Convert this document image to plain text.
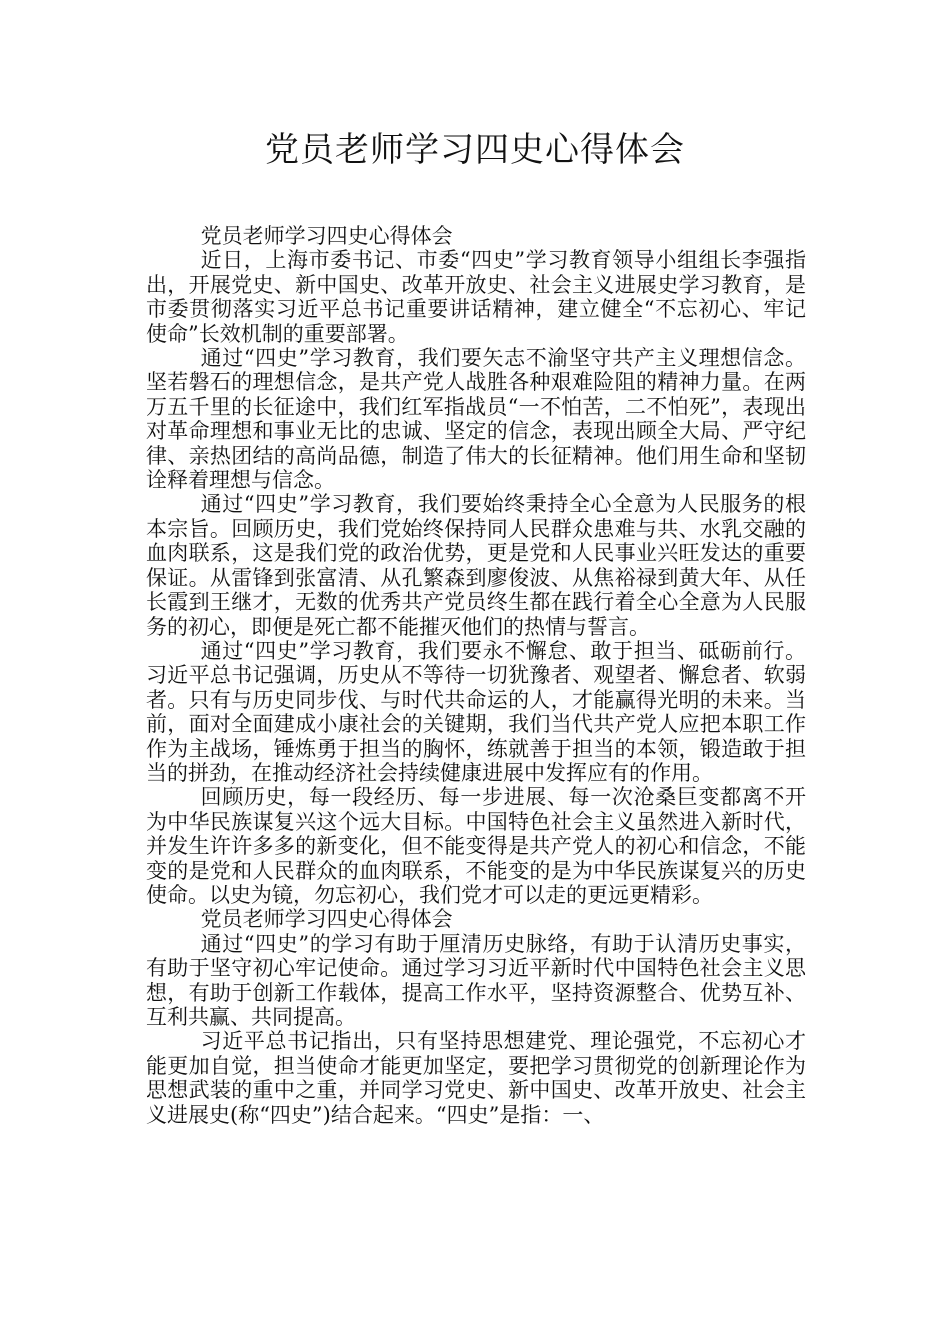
党员老师学习四史心得体会

党员老师学习四史心得体会

近日，上海市委书记、市委“四史”学习教育领导小组组长李强指出，开展党史、新中国史、改革开放史、社会主义进展史学习教育，是市委贯彻落实习近平总书记重要讲话精神，建立健全“不忘初心、牢记使命”长效机制的重要部署。

通过“四史”学习教育，我们要矢志不渝坚守共产主义理想信念。坚若磐石的理想信念，是共产党人战胜各种艰难险阻的精神力量。在两万五千里的长征途中，我们红军指战员“一不怕苦，二不怕死”，表现出对革命理想和事业无比的忠诚、坚定的信念，表现出顾全大局、严守纪律、亲热团结的高尚品德，制造了伟大的长征精神。他们用生命和坚韧诠释着理想与信念。

通过“四史”学习教育，我们要始终秉持全心全意为人民服务的根本宗旨。回顾历史，我们党始终保持同人民群众患难与共、水乳交融的血肉联系，这是我们党的政治优势，更是党和人民事业兴旺发达的重要保证。从雷锋到张富清、从孔繁森到廖俊波、从焦裕禄到黄大年、从任长霞到王继才，无数的优秀共产党员终生都在践行着全心全意为人民服务的初心，即便是死亡都不能摧灭他们的热情与誓言。

通过“四史”学习教育，我们要永不懈怠、敢于担当、砥砺前行。习近平总书记强调，历史从不等待一切犹豫者、观望者、懈怠者、软弱者。只有与历史同步伐、与时代共命运的人，才能赢得光明的未来。当前，面对全面建成小康社会的关键期，我们当代共产党人应把本职工作作为主战场，锤炼勇于担当的胸怀，练就善于担当的本领，锻造敢于担当的拼劲，在推动经济社会持续健康进展中发挥应有的作用。

回顾历史，每一段经历、每一步进展、每一次沧桑巨变都离不开为中华民族谋复兴这个远大目标。中国特色社会主义虽然进入新时代，并发生许许多多的新变化，但不能变得是共产党人的初心和信念，不能变的是党和人民群众的血肉联系，不能变的是为中华民族谋复兴的历史使命。以史为镜，勿忘初心，我们党才可以走的更远更精彩。

党员老师学习四史心得体会

通过“四史”的学习有助于厘清历史脉络，有助于认清历史事实，有助于坚守初心牢记使命。通过学习习近平新时代中国特色社会主义思想，有助于创新工作载体，提高工作水平，坚持资源整合、优势互补、互利共赢、共同提高。

习近平总书记指出，只有坚持思想建党、理论强党，不忘初心才能更加自觉，担当使命才能更加坚定，要把学习贯彻党的创新理论作为思想武装的重中之重，并同学习党史、新中国史、改革开放史、社会主义进展史(称“四史”)结合起来。“四史”是指：一、
